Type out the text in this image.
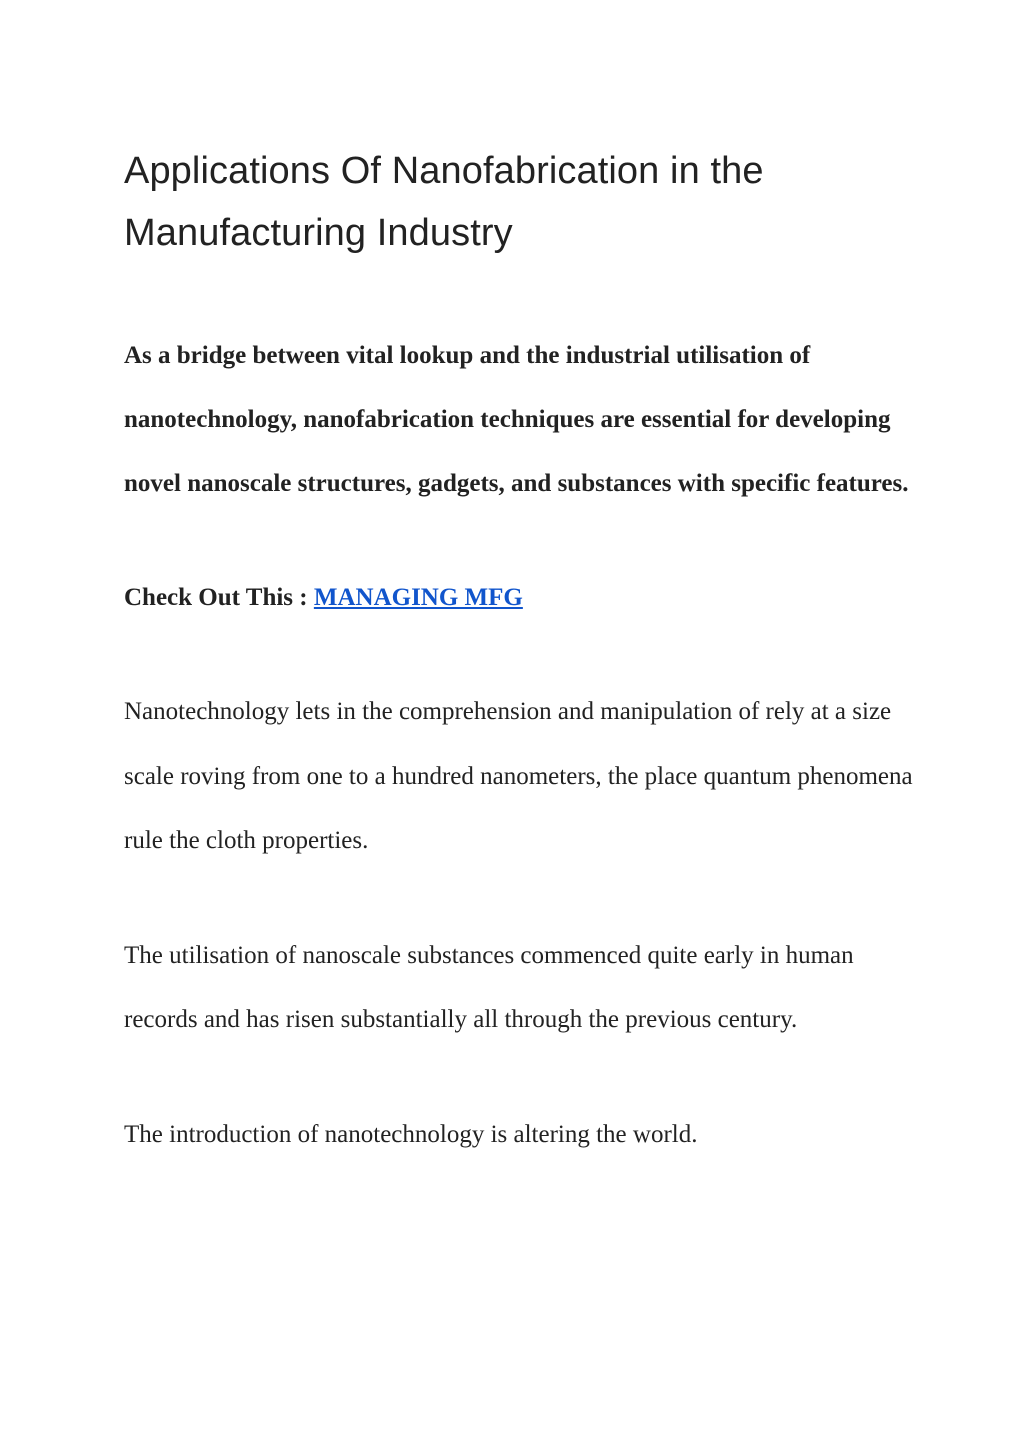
Applications Of Nanofabrication in the Manufacturing Industry

As a bridge between vital lookup and the industrial utilisation of nanotechnology, nanofabrication techniques are essential for developing novel nanoscale structures, gadgets, and substances with specific features.

Check Out This : MANAGING MFG

Nanotechnology lets in the comprehension and manipulation of rely at a size scale roving from one to a hundred nanometers, the place quantum phenomena rule the cloth properties.

The utilisation of nanoscale substances commenced quite early in human records and has risen substantially all through the previous century.

The introduction of nanotechnology is altering the world.
